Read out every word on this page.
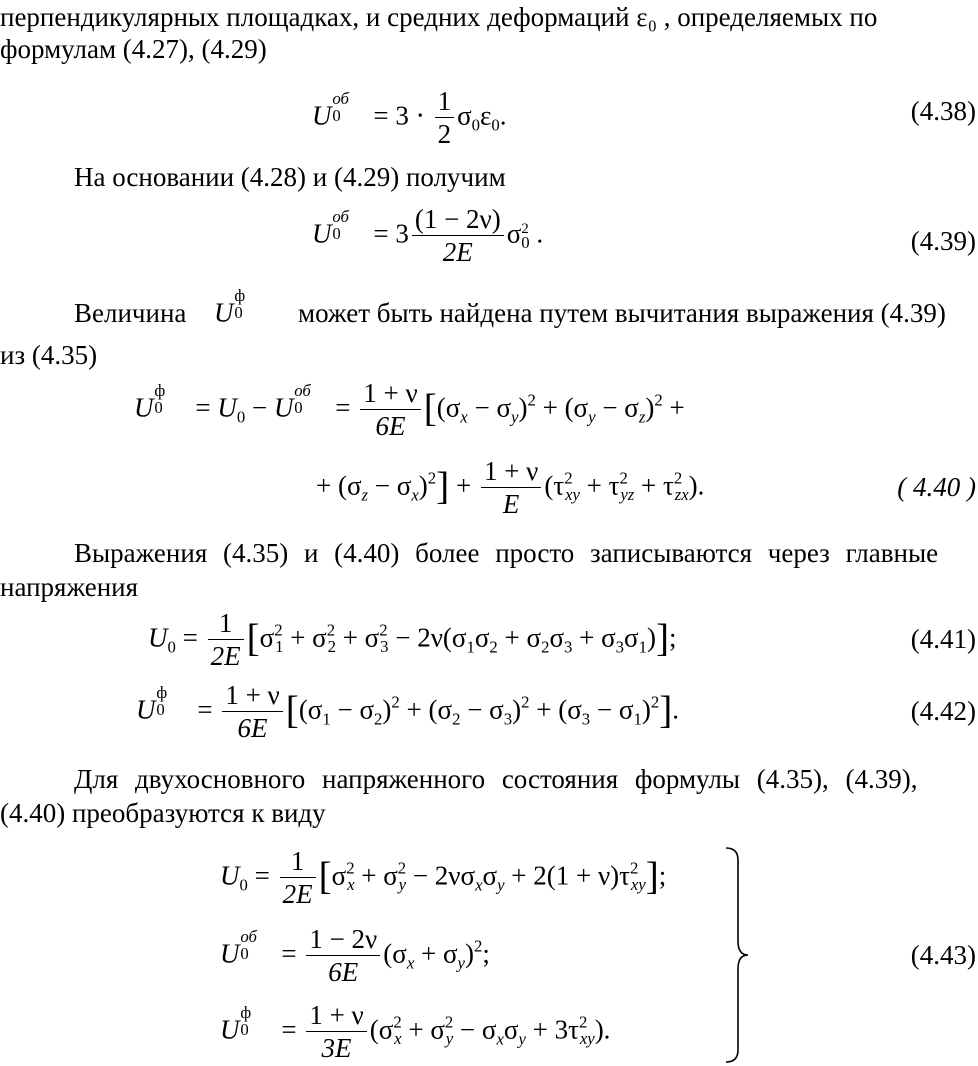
перпендикулярных площадках, и средних деформаций ε₀ , определяемых по
формулам (4.27), (4.29)
U
об
$0 = 3 \cdot \frac{1}{2} \sigma_0\varepsilon_0$.	(4.38)
На основании (4.28) и (4.29) получим
U
об
$0 = 3 \frac{(1 - 2\nu)}{2E} \sigma^2_0$ .	(4.39)
Величина U
ф
0 может быть найдена путем вычитания выражения (4.39)
из (4.35)
U
ф
$0 = U_0 - U$
об
$0 = \frac{1 + \nu}{6E} [(\sigma_x - \sigma_y)^2 + (\sigma_y - \sigma_z)^2$ +
+ $(\sigma_z - \sigma_x)^2] + \frac{1 + \nu}{E} (\tau^2_{xy} + \tau^2_{yz} + \tau^2_{zx})$.	( 4.40 )
Выражения (4.35) и (4.40) более просто записываются через главные
напряжения
$U_0 = \frac{1}{2E} [\sigma^2_1 + \sigma^2_2 + \sigma^2_3 - 2\nu(\sigma_1\sigma_2 + \sigma_2\sigma_3 + \sigma_3\sigma_1)]$;	(4.41)
U
ф
$0 = \frac{1 + \nu}{6E} [(\sigma_1 - \sigma_2)^2 + (\sigma_2 - \sigma_3)^2 + (\sigma_3 - \sigma_1)^2]$.	(4.42)
Для двухосновного напряженного состояния формулы (4.35), (4.39),
(4.40) преобразуются к виду
$U_0 = \frac{1}{2E} [\sigma^2_x + \sigma^2_y - 2\nu\sigma_x\sigma_y + 2(1 + \nu)\tau^2_{xy}]$;
U
об
$0 = \frac{1 - 2\nu}{6E} (\sigma_x + \sigma_y)^2$;
U
ф
$0 = \frac{1 + \nu}{3E} (\sigma^2_x + \sigma^2_y - \sigma_x\sigma_y + 3\tau^2_{xy})$.
(4.43)
